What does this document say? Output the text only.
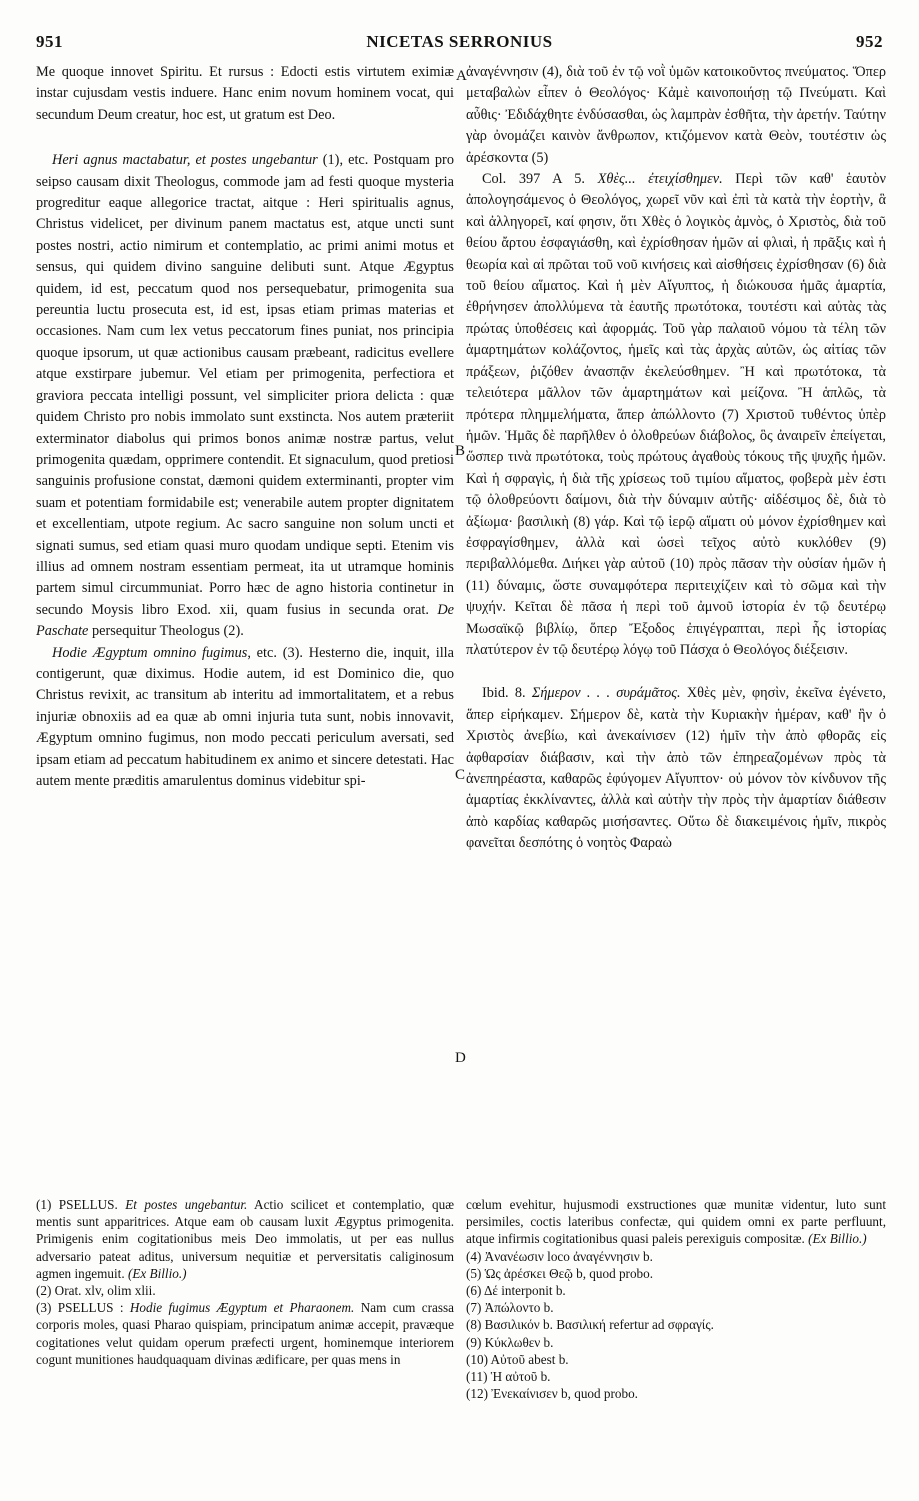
951	NICETAS SERRONIUS	952
A
B
C
D

Me quoque innovet Spiritu. Et rursus : Edocti estis virtutem eximiæ instar cujusdam vestis induere. Hanc enim novum hominem vocat, qui secundum Deum creatur, hoc est, ut gratum est Deo.

Heri agnus mactabatur, et postes ungebantur (1), etc. Postquam pro seipso causam dixit Theologus, commode jam ad festi quoque mysteria progreditur eaque allegorice tractat, aitque : Heri spiritualis agnus, Christus videlicet, per divinum panem mactatus est, atque uncti sunt postes nostri, actio nimirum et contemplatio, ac primi animi motus et sensus, qui quidem divino sanguine delibuti sunt. Atque Ægyptus quidem, id est, peccatum quod nos persequebatur, primogenita sua pereuntia luctu prosecuta est, id est, ipsas etiam primas materias et occasiones. Nam cum lex vetus peccatorum fines puniat, nos principia quoque ipsorum, ut quæ actionibus causam præbeant, radicitus evellere atque exstirpare jubemur. Vel etiam per primogenita, perfectiora et graviora peccata intelligi possunt, vel simpliciter priora delicta : quæ quidem Christo pro nobis immolato sunt exstincta. Nos autem præteriit exterminator diabolus qui primos bonos animæ nostræ partus, velut primogenita quædam, opprimere contendit. Et signaculum, quod pretiosi sanguinis profusione constat, dæmoni quidem exterminanti, propter vim suam et potentiam formidabile est; venerabile autem propter dignitatem et excellentiam, utpote regium. Ac sacro sanguine non solum uncti et signati sumus, sed etiam quasi muro quodam undique septi. Etenim vis illius ad omnem nostram essentiam permeat, ita ut utramque hominis partem simul circummuniat. Porro hæc de agno historia continetur in secundo Moysis libro Exod. xii, quam fusius in secunda orat. De Paschate persequitur Theologus (2).

Hodie Ægyptum omnino fugimus, etc. (3). Hesterno die, inquit, illa contigerunt, quæ diximus. Hodie autem, id est Dominico die, quo Christus revixit, ac transitum ab interitu ad immortalitatem, et a rebus injuriæ obnoxiis ad ea quæ ab omni injuria tuta sunt, nobis innovavit, Ægyptum omnino fugimus, non modo peccati periculum aversati, sed ipsam etiam ad peccatum habitudinem ex animo et sincere detestati. Hac autem mente præditis amarulentus dominus videbitur spi-

ἀναγέννησιν (4), διὰ τοῦ ἐν τῷ νοῒ ὑμῶν κατοικοῦντος πνεύματος. Ὅπερ μεταβαλὼν εἶπεν ὁ Θεολόγος· Κἀμὲ καινοποιήσῃ τῷ Πνεύματι. Καὶ αὖθις· Ἐδιδάχθητε ἐνδύσασθαι, ὡς λαμπρὰν ἐσθῆτα, τὴν ἀρετήν. Ταύτην γὰρ ὀνομάζει καινὸν ἄνθρωπον, κτιζόμενον κατὰ Θεὸν, τουτέστιν ὡς ἀρέσκοντα (5)

Col. 397 A 5. Χθὲς... ἐτειχίσθημεν. Περὶ τῶν καθ' ἑαυτὸν ἀπολογησάμενος ὁ Θεολόγος, χωρεῖ νῦν καὶ ἐπὶ τὰ κατὰ τὴν ἑορτὴν, ἃ καὶ ἀλληγορεῖ, καί φησιν, ὅτι Χθὲς ὁ λογικὸς ἀμνὸς, ὁ Χριστὸς, διὰ τοῦ θείου ἄρτου ἐσφαγιάσθη, καὶ ἐχρίσθησαν ἡμῶν αἱ φλιαὶ, ἡ πρᾶξις καὶ ἡ θεωρία καὶ αἱ πρῶται τοῦ νοῦ κινήσεις καὶ αἰσθήσεις ἐχρίσθησαν (6) διὰ τοῦ θείου αἵματος. Καὶ ἡ μὲν Αἴγυπτος, ἡ διώκουσα ἡμᾶς ἁμαρτία, ἐθρήνησεν ἀπολλύμενα τὰ ἑαυτῆς πρωτότοκα, τουτέστι καὶ αὐτὰς τὰς πρώτας ὑποθέσεις καὶ ἀφορμάς. Τοῦ γὰρ παλαιοῦ νόμου τὰ τέλη τῶν ἁμαρτημάτων κολάζοντος, ἡμεῖς καὶ τὰς ἀρχὰς αὐτῶν, ὡς αἰτίας τῶν πράξεων, ῥιζόθεν ἀνασπᾷν ἐκελεύσθημεν. Ἢ καὶ πρωτότοκα, τὰ τελειότερα μᾶλλον τῶν ἁμαρτημάτων καὶ μείζονα. Ἢ ἁπλῶς, τὰ πρότερα πλημμελήματα, ἅπερ ἀπώλλοντο (7) Χριστοῦ τυθέντος ὑπὲρ ἡμῶν. Ἡμᾶς δὲ παρῆλθεν ὁ ὀλοθρεύων διάβολος, ὃς ἀναιρεῖν ἐπείγεται, ὥσπερ τινὰ πρωτότοκα, τοὺς πρώτους ἀγαθοὺς τόκους τῆς ψυχῆς ἡμῶν. Καὶ ἡ σφραγὶς, ἡ διὰ τῆς χρίσεως τοῦ τιμίου αἵματος, φοβερὰ μὲν ἐστι τῷ ὀλοθρεύοντι δαίμονι, διὰ τὴν δύναμιν αὐτῆς· αἰδέσιμος δὲ, διὰ τὸ ἀξίωμα· βασιλικὴ (8) γάρ. Καὶ τῷ ἱερῷ αἵματι οὐ μόνον ἐχρίσθημεν καὶ ἐσφραγίσθημεν, ἀλλὰ καὶ ὡσεὶ τεῖχος αὐτὸ κυκλόθεν (9) περιβαλλόμεθα. Διήκει γὰρ αὐτοῦ (10) πρὸς πᾶσαν τὴν οὐσίαν ἡμῶν ἡ (11) δύναμις, ὥστε συναμφότερα περιτειχίζειν καὶ τὸ σῶμα καὶ τὴν ψυχήν. Κεῖται δὲ πᾶσα ἡ περὶ τοῦ ἀμνοῦ ἱστορία ἐν τῷ δευτέρῳ Μωσαϊκῷ βιβλίῳ, ὅπερ Ἔξοδος ἐπιγέγραπται, περὶ ἧς ἱστορίας πλατύτερον ἐν τῷ δευτέρῳ λόγῳ τοῦ Πάσχα ὁ Θεολόγος διέξεισιν.

Ibid. 8. Σήμερον . . . συράμᾶτος. Χθὲς μὲν, φησὶν, ἐκεῖνα ἐγένετο, ἅπερ εἰρήκαμεν. Σήμερον δὲ, κατὰ τὴν Κυριακὴν ἡμέραν, καθ' ἣν ὁ Χριστὸς ἀνεβίω, καὶ ἀνεκαίνισεν (12) ἡμῖν τὴν ἀπὸ φθορᾶς εἰς ἀφθαρσίαν διάβασιν, καὶ τὴν ἀπὸ τῶν ἐπηρεαζομένων πρὸς τὰ ἀνεπηρέαστα, καθαρῶς ἐφύγομεν Αἴγυπτον· οὐ μόνον τὸν κίνδυνον τῆς ἁμαρτίας ἐκκλίναντες, ἀλλὰ καὶ αὐτὴν τὴν πρὸς τὴν ἁμαρτίαν διάθεσιν ἀπὸ καρδίας καθαρῶς μισήσαντες. Οὕτω δὲ διακειμένοις ἡμῖν, πικρὸς φανεῖται δεσπότης ὁ νοητὸς Φαραὼ

(1) PSELLUS. Et postes ungebantur. Actio scilicet et contemplatio, quæ mentis sunt apparitrices. Atque eam ob causam luxit Ægyptus primogenita. Primigenis enim cogitationibus meis Deo immolatis, ut per eas nullus adversario pateat aditus, universum nequitiæ et perversitatis caliginosum agmen ingemuit. (Ex Billio.)

(2) Orat. xlv, olim xlii.

(3) PSELLUS : Hodie fugimus Ægyptum et Pharaonem. Nam cum crassa corporis moles, quasi Pharao quispiam, principatum animæ accepit, pravæque cogitationes velut quidam operum præfecti urgent, hominemque interiorem cogunt munitiones haudquaquam divinas ædificare, per quas mens in

cœlum evehitur, hujusmodi exstructiones quæ munitæ videntur, luto sunt persimiles, coctis lateribus confectæ, qui quidem omni ex parte perfluunt, atque infirmis cogitationibus quasi paleis perexiguis compositæ. (Ex Billio.)

(4) Ἀνανέωσιν loco ἀναγέννησιν b.

(5) Ὡς ἀρέσκει Θεῷ b, quod probo.

(6) Δέ interponit b.

(7) Ἀπώλοντο b.

(8) Βασιλικόν b. Βασιλική refertur ad σφραγίς.

(9) Κύκλωθεν b.

(10) Αὐτοῦ abest b.

(11) Ἡ αὐτοῦ b.

(12) Ἐνεκαίνισεν b, quod probo.
